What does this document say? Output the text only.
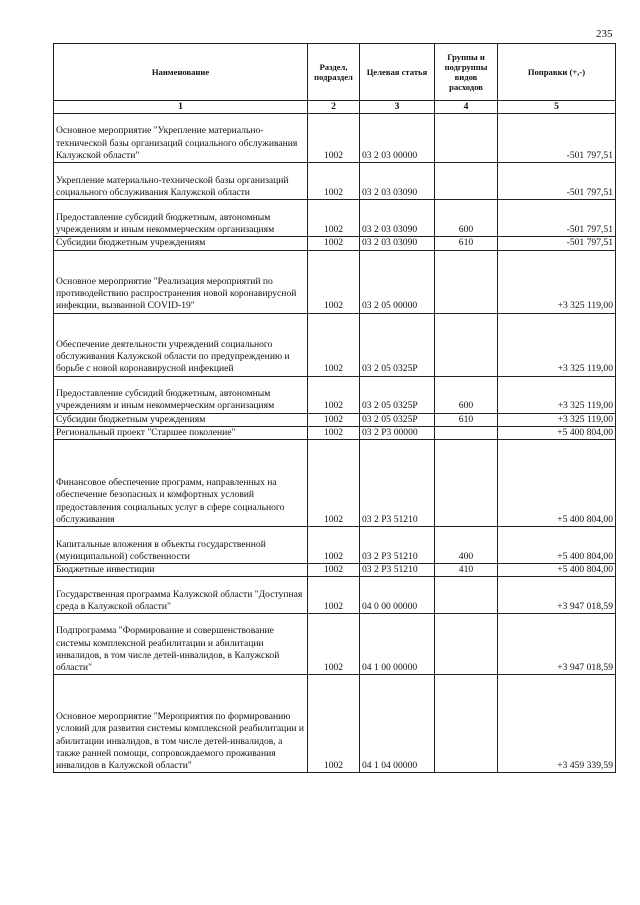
235
Наименование	Раздел, подраздел	Целевая статья	Группы и подгруппы видов расходов	Поправки (+,-)
1	2	3	4	5
Основное мероприятие "Укрепление материально-технической базы организаций социального обслуживания Калужской области"	1002	03 2 03 00000		-501 797,51
Укрепление материально-технической базы организаций социального обслуживания Калужской области	1002	03 2 03 03090		-501 797,51
Предоставление субсидий бюджетным, автономным учреждениям и иным некоммерческим организациям	1002	03 2 03 03090	600	-501 797,51
Субсидии бюджетным учреждениям	1002	03 2 03 03090	610	-501 797,51
Основное мероприятие "Реализация мероприятий по противодействию распространения новой коронавирусной инфекции, вызванной COVID-19"	1002	03 2 05 00000		+3 325 119,00
Обеспечение деятельности учреждений социального обслуживания Калужской области по предупреждению и борьбе с новой коронавирусной инфекцией	1002	03 2 05 0325Р		+3 325 119,00
Предоставление субсидий бюджетным, автономным учреждениям и иным некоммерческим организациям	1002	03 2 05 0325Р	600	+3 325 119,00
Субсидии бюджетным учреждениям	1002	03 2 05 0325Р	610	+3 325 119,00
Региональный проект "Старшее поколение"	1002	03 2 Р3 00000		+5 400 804,00
Финансовое обеспечение программ, направленных на обеспечение безопасных и комфортных условий предоставления социальных услуг в сфере социального обслуживания	1002	03 2 Р3 51210		+5 400 804,00
Капитальные вложения в объекты государственной (муниципальной) собственности	1002	03 2 Р3 51210	400	+5 400 804,00
Бюджетные инвестиции	1002	03 2 Р3 51210	410	+5 400 804,00
Государственная программа Калужской области "Доступная среда в Калужской области"	1002	04 0 00 00000		+3 947 018,59
Подпрограмма "Формирование и совершенствование системы комплексной реабилитации и абилитации инвалидов, в том числе детей-инвалидов, в Калужской области"	1002	04 1 00 00000		+3 947 018,59
Основное мероприятие "Мероприятия по формированию условий для развития системы комплексной реабилитации и абилитации инвалидов, в том числе детей-инвалидов, а также ранней помощи, сопровождаемого проживания инвалидов в Калужской области"	1002	04 1 04 00000		+3 459 339,59
